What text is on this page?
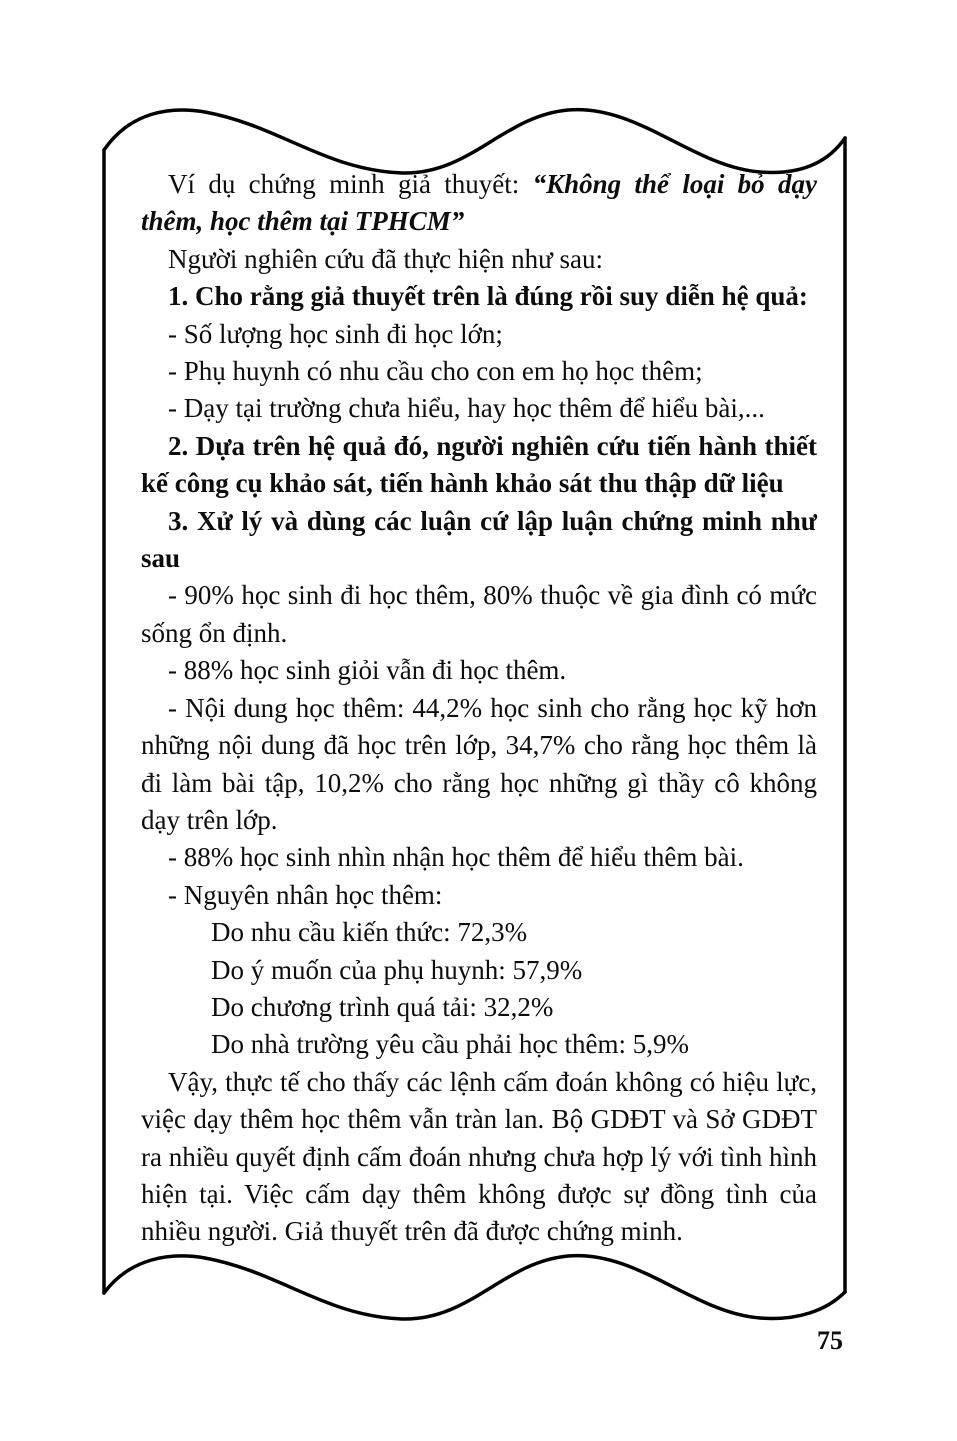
Ví dụ chứng minh giả thuyết: “Không thể loại bỏ dạy thêm, học thêm tại TPHCM”

Người nghiên cứu đã thực hiện như sau:

1. Cho rằng giả thuyết trên là đúng rồi suy diễn hệ quả:

- Số lượng học sinh đi học lớn;

- Phụ huynh có nhu cầu cho con em họ học thêm;

- Dạy tại trường chưa hiểu, hay học thêm để hiểu bài,...

2. Dựa trên hệ quả đó, người nghiên cứu tiến hành thiết kế công cụ khảo sát, tiến hành khảo sát thu thập dữ liệu

3. Xử lý và dùng các luận cứ lập luận chứng minh như sau

- 90% học sinh đi học thêm, 80% thuộc về gia đình có mức sống ổn định.

- 88% học sinh giỏi vẫn đi học thêm.

- Nội dung học thêm: 44,2% học sinh cho rằng học kỹ hơn những nội dung đã học trên lớp, 34,7% cho rằng học thêm là đi làm bài tập, 10,2% cho rằng học những gì thầy cô không dạy trên lớp.

- 88% học sinh nhìn nhận học thêm để hiểu thêm bài.

- Nguyên nhân học thêm:

Do nhu cầu kiến thức: 72,3%

Do ý muốn của phụ huynh: 57,9%

Do chương trình quá tải: 32,2%

Do nhà trường yêu cầu phải học thêm: 5,9%

Vậy, thực tế cho thấy các lệnh cấm đoán không có hiệu lực, việc dạy thêm học thêm vẫn tràn lan. Bộ GDĐT và Sở GDĐT ra nhiều quyết định cấm đoán nhưng chưa hợp lý với tình hình hiện tại. Việc cấm dạy thêm không được sự đồng tình của nhiều người. Giả thuyết trên đã được chứng minh.

75
